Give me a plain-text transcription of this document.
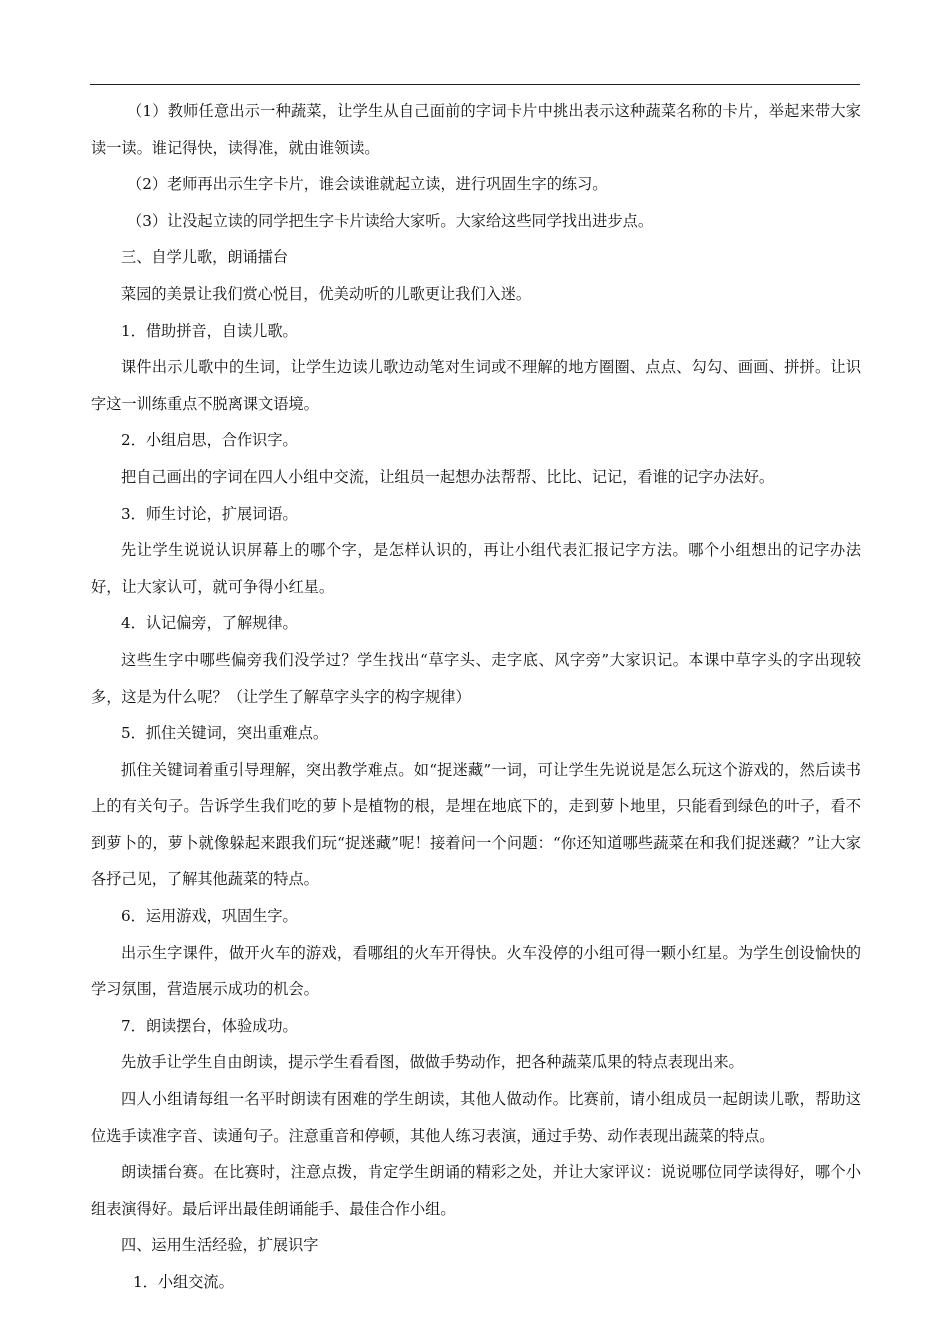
（1）教师任意出示一种蔬菜，让学生从自己面前的字词卡片中挑出表示这种蔬菜名称的卡片，举起来带大家读一读。谁记得快，读得准，就由谁领读。

（2）老师再出示生字卡片，谁会读谁就起立读，进行巩固生字的练习。

（3）让没起立读的同学把生字卡片读给大家听。大家给这些同学找出进步点。

三、自学儿歌，朗诵擂台

菜园的美景让我们赏心悦目，优美动听的儿歌更让我们入迷。

1．借助拼音，自读儿歌。

课件出示儿歌中的生词，让学生边读儿歌边动笔对生词或不理解的地方圈圈、点点、勾勾、画画、拼拼。让识字这一训练重点不脱离课文语境。

2．小组启思，合作识字。

把自己画出的字词在四人小组中交流，让组员一起想办法帮帮、比比、记记，看谁的记字办法好。

3．师生讨论，扩展词语。

先让学生说说认识屏幕上的哪个字，是怎样认识的，再让小组代表汇报记字方法。哪个小组想出的记字办法好，让大家认可，就可争得小红星。

4．认记偏旁，了解规律。

这些生字中哪些偏旁我们没学过？学生找出“草字头、走字底、风字旁”大家识记。本课中草字头的字出现较多，这是为什么呢？（让学生了解草字头字的构字规律）

5．抓住关键词，突出重难点。

抓住关键词着重引导理解，突出教学难点。如“捉迷藏”一词，可让学生先说说是怎么玩这个游戏的，然后读书上的有关句子。告诉学生我们吃的萝卜是植物的根，是埋在地底下的，走到萝卜地里，只能看到绿色的叶子，看不到萝卜的，萝卜就像躲起来跟我们玩“捉迷藏”呢！接着问一个问题：“你还知道哪些蔬菜在和我们捉迷藏？”让大家各抒己见，了解其他蔬菜的特点。

6．运用游戏，巩固生字。

出示生字课件，做开火车的游戏，看哪组的火车开得快。火车没停的小组可得一颗小红星。为学生创设愉快的学习氛围，营造展示成功的机会。

7．朗读摆台，体验成功。

先放手让学生自由朗读，提示学生看看图，做做手势动作，把各种蔬菜瓜果的特点表现出来。

四人小组请每组一名平时朗读有困难的学生朗读，其他人做动作。比赛前，请小组成员一起朗读儿歌，帮助这位选手读准字音、读通句子。注意重音和停顿，其他人练习表演，通过手势、动作表现出蔬菜的特点。

朗读擂台赛。在比赛时，注意点拨，肯定学生朗诵的精彩之处，并让大家评议：说说哪位同学读得好，哪个小组表演得好。最后评出最佳朗诵能手、最佳合作小组。

四、运用生活经验，扩展识字

1．小组交流。
